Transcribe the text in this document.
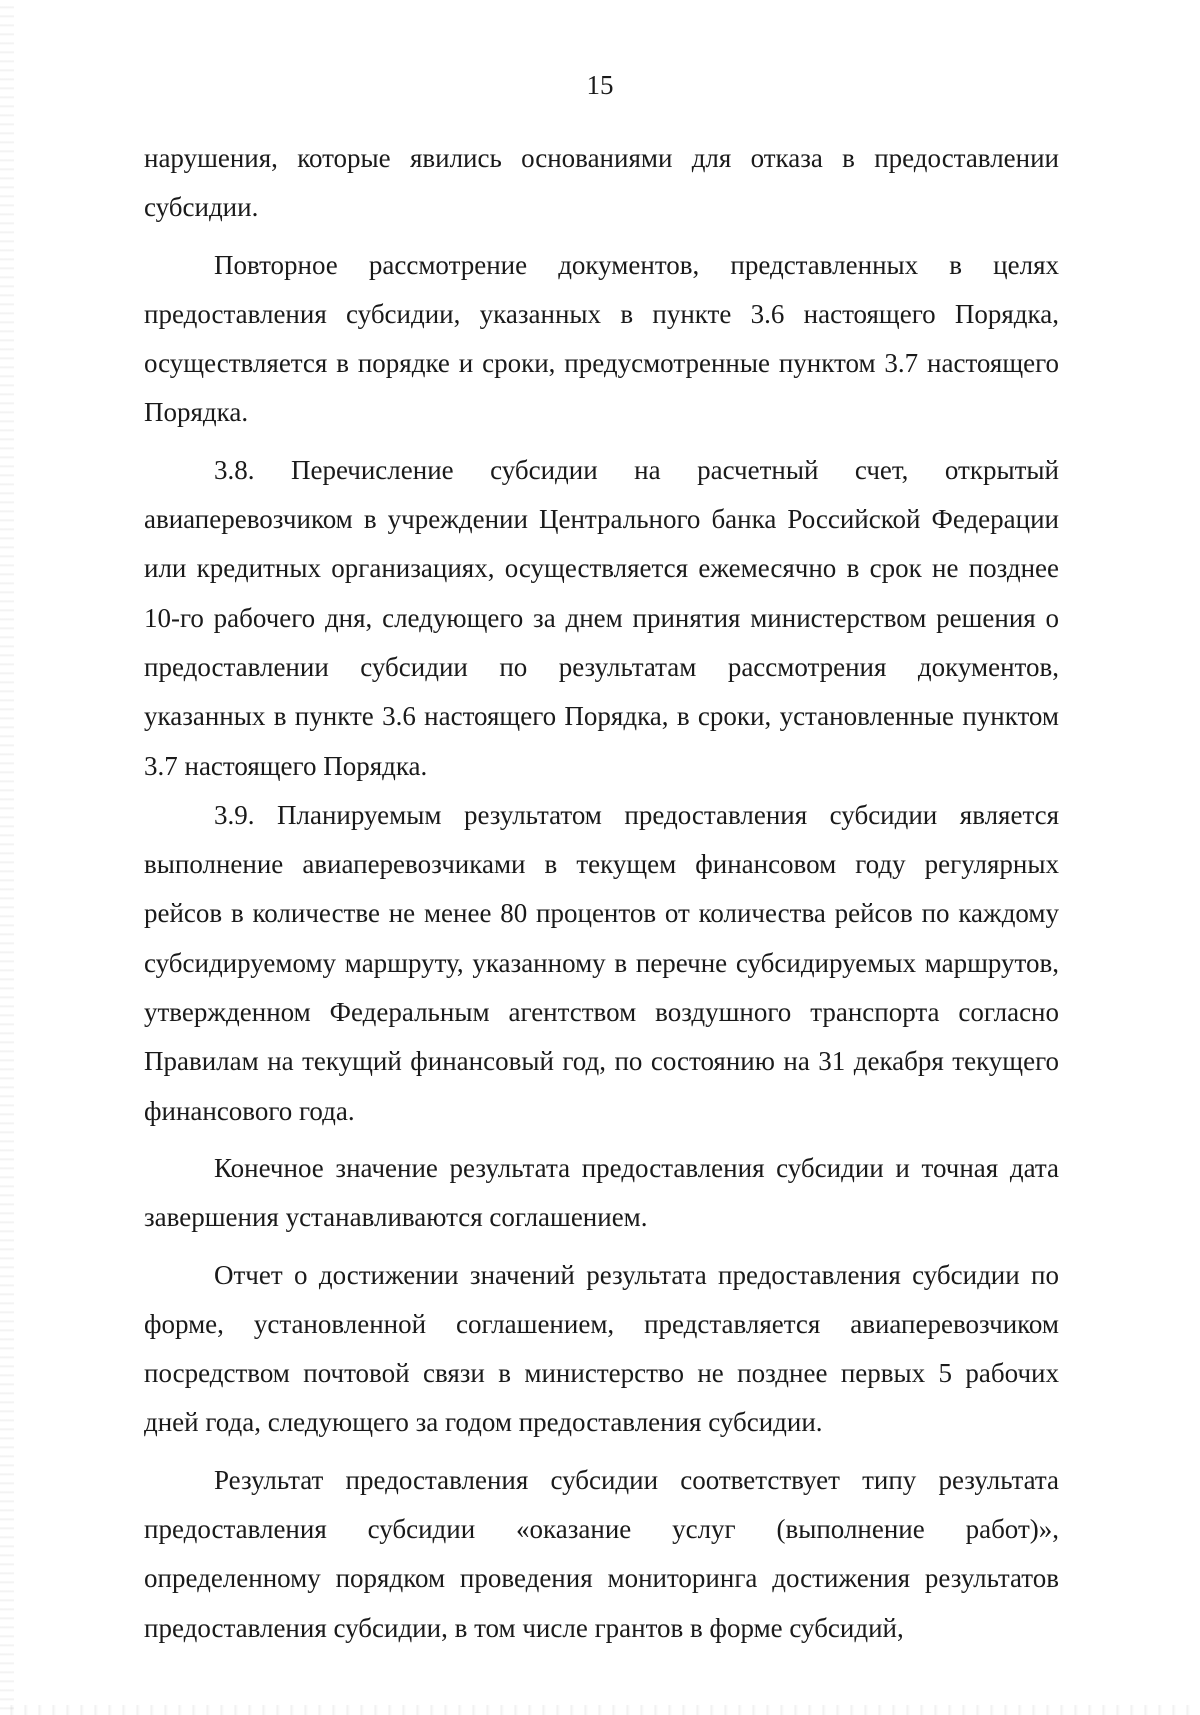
15

нарушения, которые явились основаниями для отказа в предоставлении субсидии.

Повторное рассмотрение документов, представленных в целях предоставления субсидии, указанных в пункте 3.6 настоящего Порядка, осуществляется в порядке и сроки, предусмотренные пунктом 3.7 настоящего Порядка.

3.8. Перечисление субсидии на расчетный счет, открытый авиаперевозчиком в учреждении Центрального банка Российской Федерации или кредитных организациях, осуществляется ежемесячно в срок не позднее 10-го рабочего дня, следующего за днем принятия министерством решения о предоставлении субсидии по результатам рассмотрения документов, указанных в пункте 3.6 настоящего Порядка, в сроки, установленные пунктом 3.7 настоящего Порядка.

3.9. Планируемым результатом предоставления субсидии является выполнение авиаперевозчиками в текущем финансовом году регулярных рейсов в количестве не менее 80 процентов от количества рейсов по каждому субсидируемому маршруту, указанному в перечне субсидируемых маршрутов, утвержденном Федеральным агентством воздушного транспорта согласно Правилам на текущий финансовый год, по состоянию на 31 декабря текущего финансового года.

Конечное значение результата предоставления субсидии и точная дата завершения устанавливаются соглашением.

Отчет о достижении значений результата предоставления субсидии по форме, установленной соглашением, представляется авиаперевозчиком посредством почтовой связи в министерство не позднее первых 5 рабочих дней года, следующего за годом предоставления субсидии.

Результат предоставления субсидии соответствует типу результата предоставления субсидии «оказание услуг (выполнение работ)», определенному порядком проведения мониторинга достижения результатов предоставления субсидии, в том числе грантов в форме субсидий,
